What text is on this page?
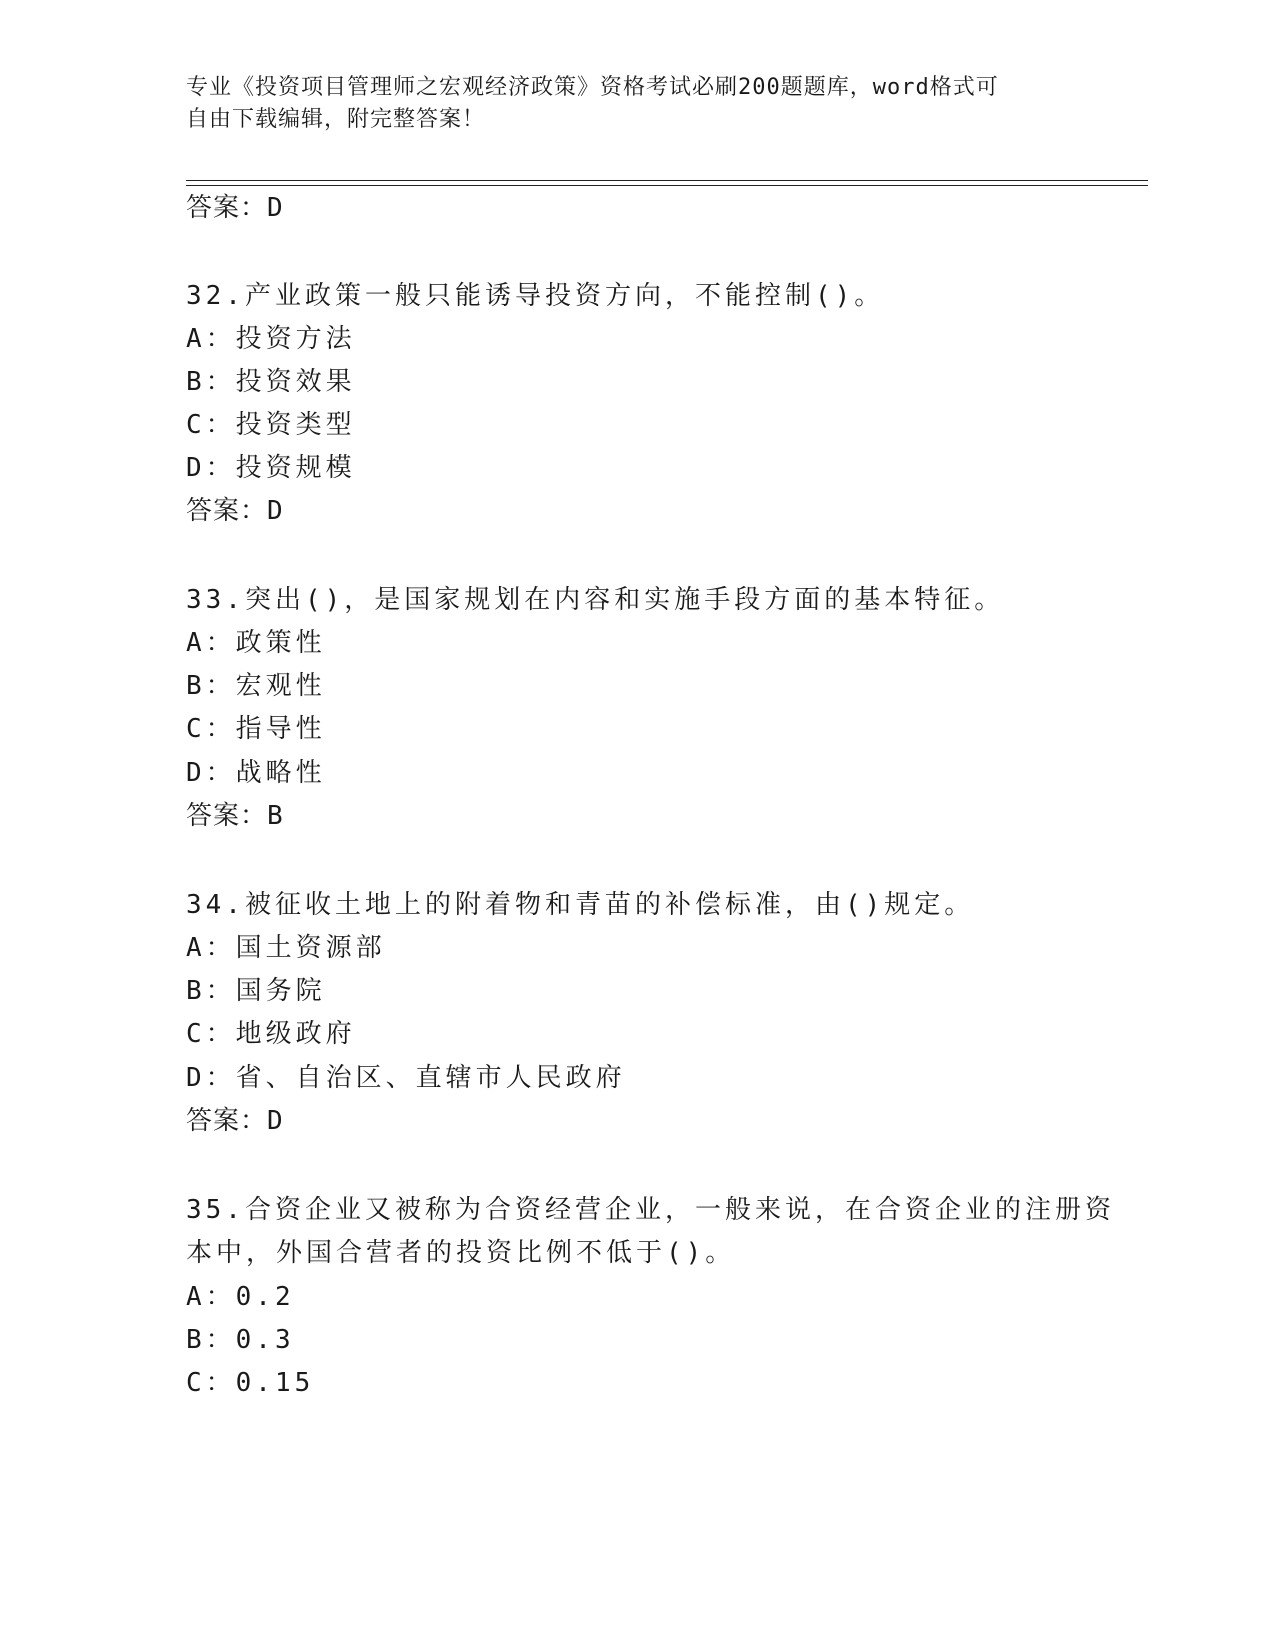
专业《投资项目管理师之宏观经济政策》资格考试必刷200题题库，word格式可
自由下载编辑，附完整答案！
答案：D
32.产业政策一般只能诱导投资方向，不能控制()。
A：投资方法
B：投资效果
C：投资类型
D：投资规模
答案：D
33.突出()，是国家规划在内容和实施手段方面的基本特征。
A：政策性
B：宏观性
C：指导性
D：战略性
答案：B
34.被征收土地上的附着物和青苗的补偿标准，由()规定。
A：国土资源部
B：国务院
C：地级政府
D：省、自治区、直辖市人民政府
答案：D
35.合资企业又被称为合资经营企业，一般来说，在合资企业的注册资
本中，外国合营者的投资比例不低于()。
A：0.2
B：0.3
C：0.15
